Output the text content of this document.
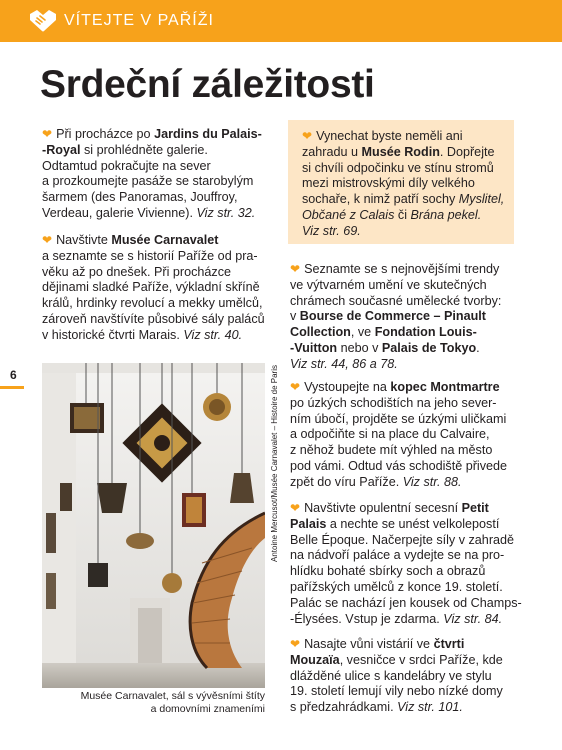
VÍTEJTE V PAŘÍŽI
Srdeční záležitosti
6

❤ Při procházce po Jardins du Palais-
-Royal si prohlédněte galerie.
Odtamtud pokračujte na sever
a prozkoumejte pasáže se starobylým
šarmem (des Panoramas, Jouffroy,
Verdeau, galerie Vivienne). Viz str. 32.

❤ Navštivte Musée Carnavalet
a seznamte se s historií Paříže od pra-
věku až po dnešek. Při procházce
dějinami sladké Paříže, výkladní skříně
králů, hrdinky revolucí a mekky umělců,
zároveň navštívíte působivé sály paláců
v historické čtvrti Marais. Viz str. 40.

❤ Vynechat byste neměli ani
zahradu u Musée Rodin. Dopřejte
si chvíli odpočinku ve stínu stromů
mezi mistrovskými díly velkého
sochaře, k nimž patří sochy Myslitel,
Občané z Calais či Brána pekel.
Viz str. 69.

❤ Seznamte se s nejnovějšími trendy
ve výtvarném umění ve skutečných
chrámech současné umělecké tvorby:
v Bourse de Commerce – Pinault
Collection, ve Fondation Louis-
-Vuitton nebo v Palais de Tokyo.
Viz str. 44, 86 a 78.

❤ Vystoupejte na kopec Montmartre
po úzkých schodištích na jeho sever-
ním úbočí, projděte se úzkými uličkami
a odpočiňte si na place du Calvaire,
z něhož budete mít výhled na město
pod vámi. Odtud vás schodiště přivede
zpět do víru Paříže. Viz str. 88.

❤ Navštivte opulentní secesní Petit
Palais a nechte se unést velkolepostí
Belle Époque. Načerpejte síly v zahradě
na nádvoří paláce a vydejte se na pro-
hlídku bohaté sbírky soch a obrazů
pařížských umělců z konce 19. století.
Palác se nachází jen kousek od Champs-
-Élysées. Vstup je zdarma. Viz str. 84.

❤ Nasajte vůni vistárií ve čtvrti
Mouzaïa, vesničce v srdci Paříže, kde
dlážděné ulice s kandelábry ve stylu
19. století lemují vily nebo nízké domy
s předzahrádkami. Viz str. 101.

Antoine Mercusot/Musée Carnavalet – Histoire de Paris
Musée Carnavalet, sál s vývěsními štíty
a domovními znameními
